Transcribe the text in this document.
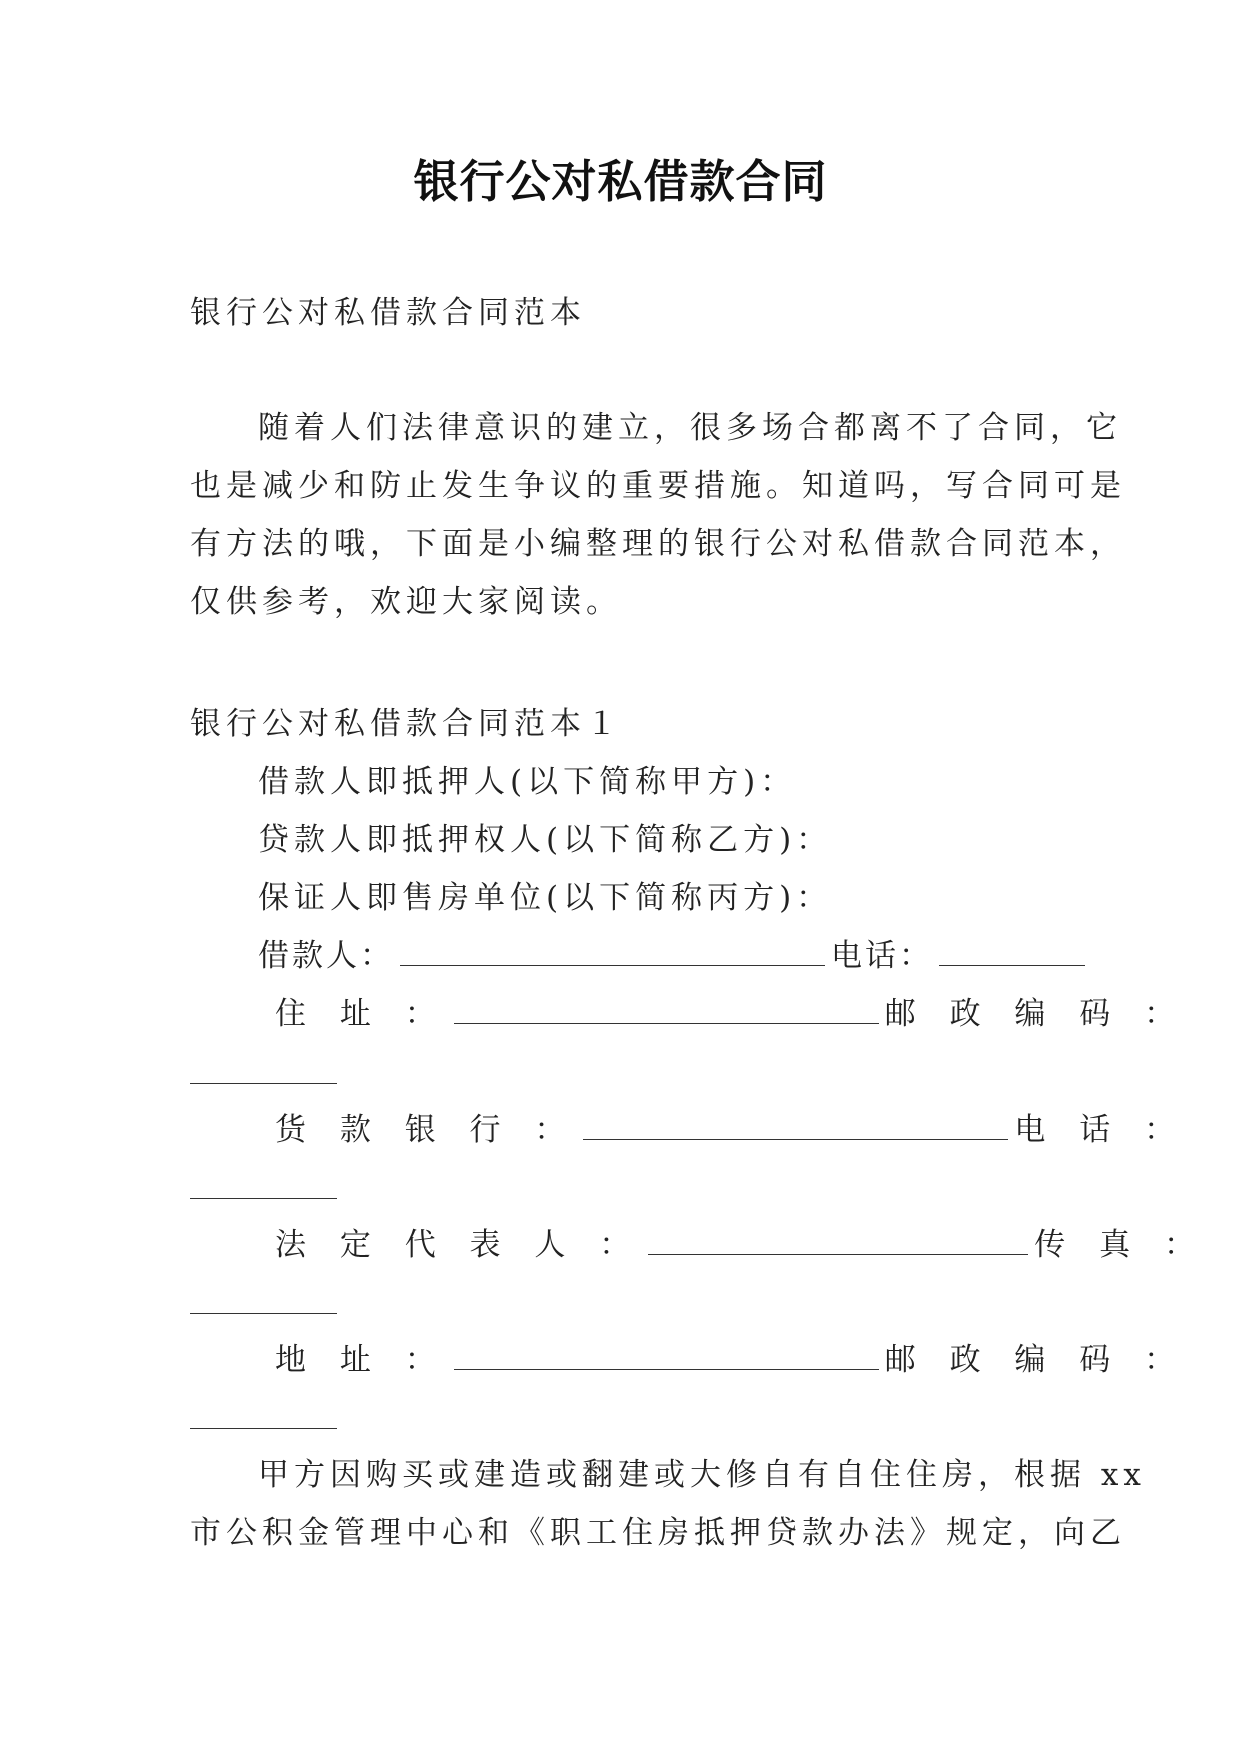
银行公对私借款合同
银行公对私借款合同范本
随着人们法律意识的建立，很多场合都离不了合同，它
也是减少和防止发生争议的重要措施。知道吗，写合同可是
有方法的哦，下面是小编整理的银行公对私借款合同范本，
仅供参考，欢迎大家阅读。
银行公对私借款合同范本１
借款人即抵押人(以下简称甲方)：
贷款人即抵押权人(以下简称乙方)：
保证人即售房单位(以下简称丙方)：
借款人：	电话：
住 址 ：	邮 政 编 码 ：
货 款 银 行 ：	电 话 ：
法 定 代 表 人 ：	传 真 ：
地 址 ：	邮 政 编 码 ：
甲方因购买或建造或翻建或大修自有自住住房，根据 xx
市公积金管理中心和《职工住房抵押贷款办法》规定，向乙
